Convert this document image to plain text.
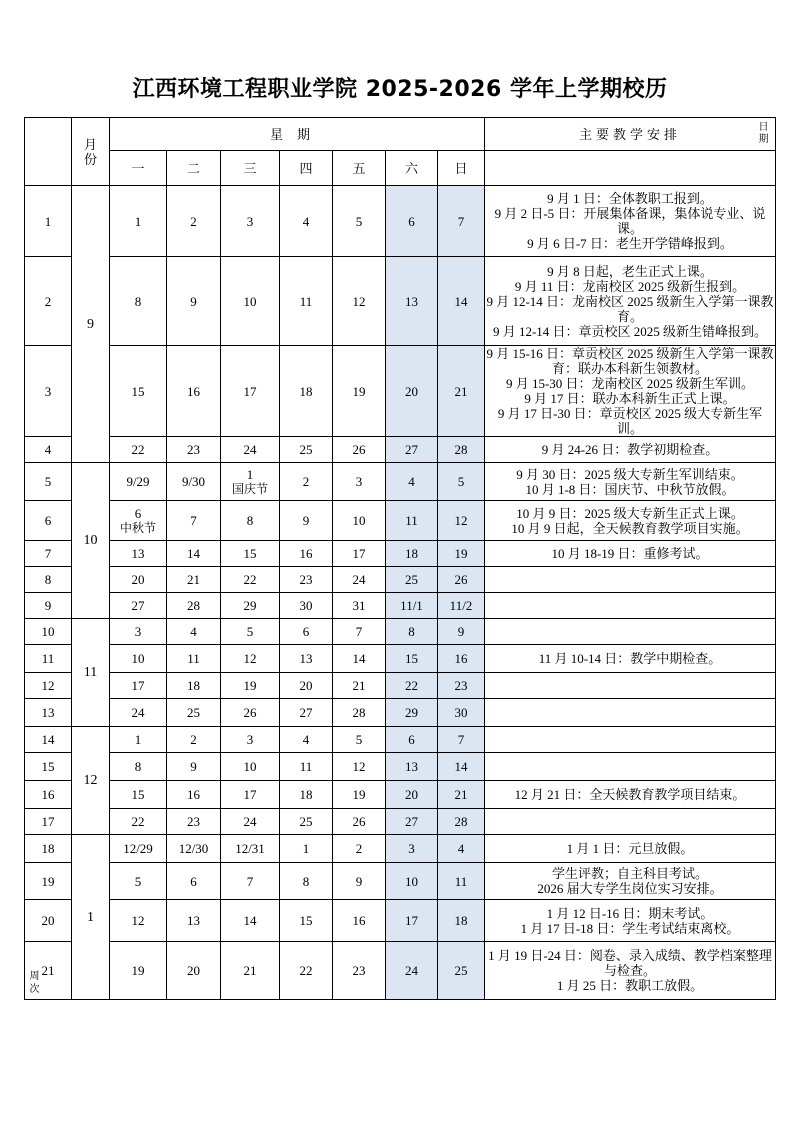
江西环境工程职业学院 2025-2026 学年上学期校历
日期
周次	月份	星期							主要教学安排
		一	二	三	四	五	六	日	
1	9	1	2	3	4	5	6	7	9 月 1 日：全体教职工报到。
9 月 2 日-5 日：开展集体备课，集体说专业、说课。
9 月 6 日-7 日：老生开学错峰报到。

2		8	9	10	11	12	13	14	9 月 8 日起，老生正式上课。
9 月 11 日：龙南校区 2025 级新生报到。
9 月 12-14 日：龙南校区 2025 级新生入学第一课教育。
9 月 12-14 日：章贡校区 2025 级新生错峰报到。

3		15	16	17	18	19	20	21	9 月 15-16 日：章贡校区 2025 级新生入学第一课教育：联办本科新生领教材。
9 月 15-30 日：龙南校区 2025 级新生军训。
9 月 17 日：联办本科新生正式上课。
9 月 17 日-30 日：章贡校区 2025 级大专新生军训。

4		22	23	24	25	26	27	28	9 月 24-26 日：教学初期检查。

5	10	9/29	9/30	1
国庆节	2	3	4	5	9 月 30 日：2025 级大专新生军训结束。
10 月 1-8 日：国庆节、中秋节放假。

6		6
中秋节	7	8	9	10	11	12	10 月 9 日：2025 级大专新生正式上课。
10 月 9 日起，全天候教育教学项目实施。

7		13	14	15	16	17	18	19	10 月 18-19 日：重修考试。

8		20	21	22	23	24	25	26	

9		27	28	29	30	31	11/1	11/2	

10	11	3	4	5	6	7	8	9	

11		10	11	12	13	14	15	16	11 月 10-14 日：教学中期检查。

12		17	18	19	20	21	22	23	

13		24	25	26	27	28	29	30	

14	12	1	2	3	4	5	6	7	

15		8	9	10	11	12	13	14	

16		15	16	17	18	19	20	21	12 月 21 日：全天候教育教学项目结束。

17		22	23	24	25	26	27	28	

18	1	12/29	12/30	12/31	1	2	3	4	1 月 1 日：元旦放假。

19		5	6	7	8	9	10	11	学生评教；自主科目考试。
2026 届大专学生岗位实习安排。

20		12	13	14	15	16	17	18	1 月 12 日-16 日：期末考试。
1 月 17 日-18 日：学生考试结束离校。

21		19	20	21	22	23	24	25	1 月 19 日-24 日：阅卷、录入成绩、教学档案整理与检查。
1 月 25 日：教职工放假。
